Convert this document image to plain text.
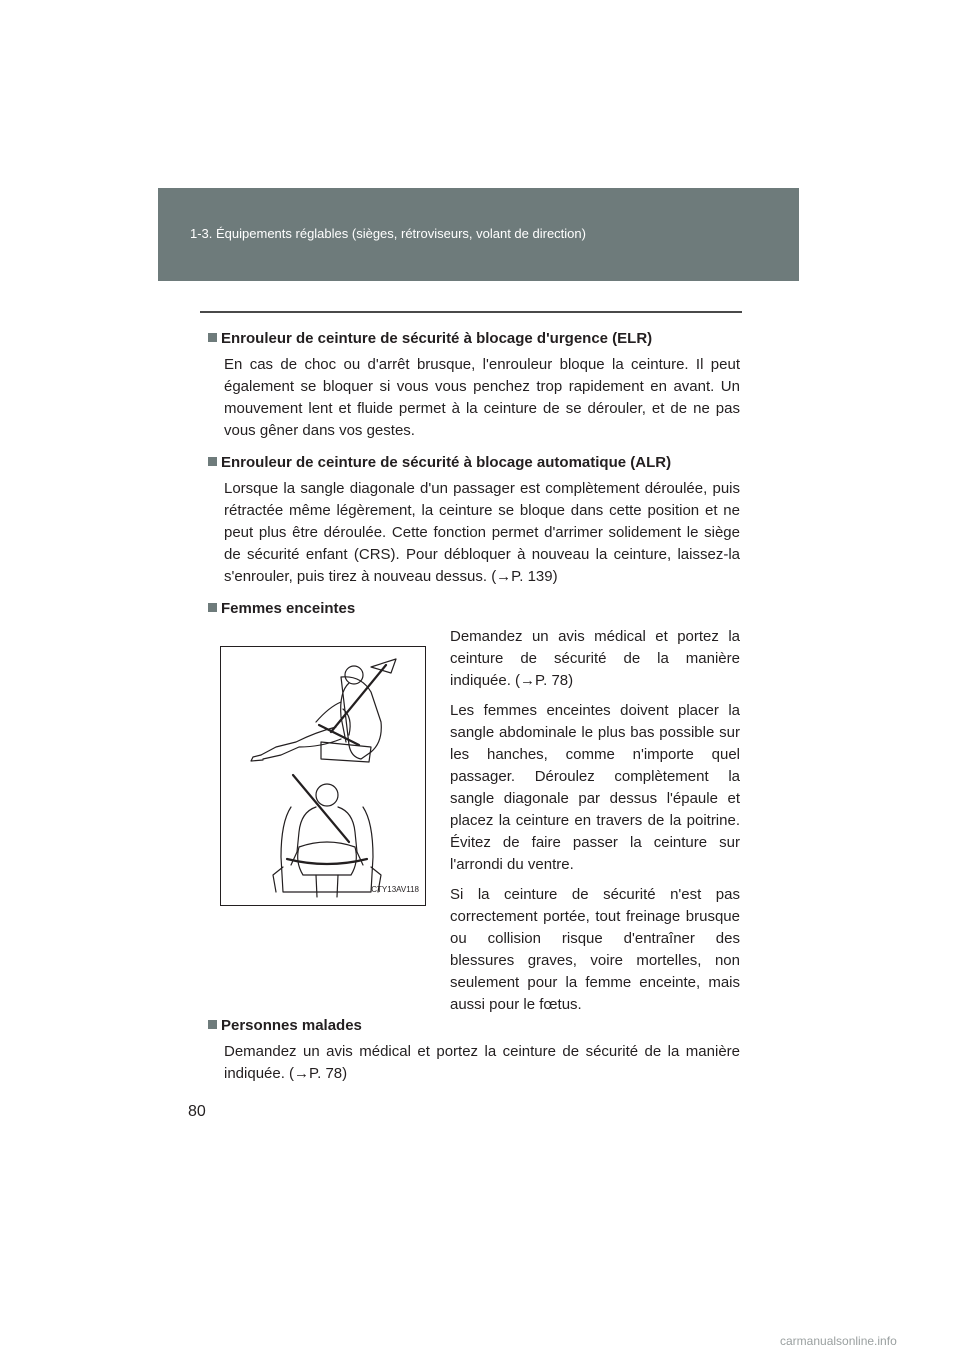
1-3. Équipements réglables (sièges, rétroviseurs, volant de direction)

Enrouleur de ceinture de sécurité à blocage d'urgence (ELR)

En cas de choc ou d'arrêt brusque, l'enrouleur bloque la ceinture. Il peut également se bloquer si vous vous penchez trop rapidement en avant. Un mouvement lent et fluide permet à la ceinture de se dérouler, et de ne pas vous gêner dans vos gestes.

Enrouleur de ceinture de sécurité à blocage automatique (ALR)

Lorsque la sangle diagonale d'un passager est complètement déroulée, puis rétractée même légèrement, la ceinture se bloque dans cette position et ne peut plus être déroulée. Cette fonction permet d'arrimer solidement le siège de sécurité enfant (CRS). Pour débloquer à nouveau la ceinture, laissez-la s'enrouler, puis tirez à nouveau dessus. (→P. 139)

Femmes enceintes

CTY13AV118

Demandez un avis médical et portez la ceinture de sécurité de la manière indiquée. (→P. 78)

Les femmes enceintes doivent placer la sangle abdominale le plus bas possible sur les hanches, comme n'importe quel passager. Déroulez complètement la sangle diagonale par dessus l'épaule et placez la ceinture en travers de la poitrine. Évitez de faire passer la ceinture sur l'arrondi du ventre.

Si la ceinture de sécurité n'est pas correctement portée, tout freinage brusque ou collision risque d'entraîner des blessures graves, voire mortelles, non seulement pour la femme enceinte, mais aussi pour le fœtus.

Personnes malades

Demandez un avis médical et portez la ceinture de sécurité de la manière indiquée. (→P. 78)

80
carmanualsonline.info
